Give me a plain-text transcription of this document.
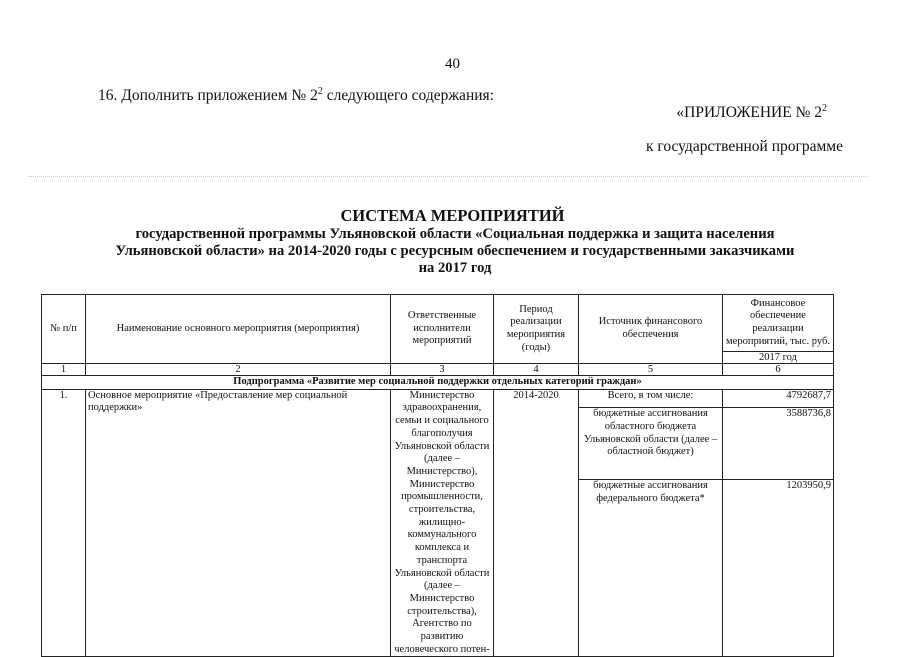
40
16. Дополнить приложением № $2^2$ следующего содержания:
«ПРИЛОЖЕНИЕ № $2^2$
к государственной программе
СИСТЕМА МЕРОПРИЯТИЙ
государственной программы Ульяновской области «Социальная поддержка и защита населения
Ульяновской области» на 2014-2020 годы с ресурсным обеспечением и государственными заказчиками
на 2017 год
№ п/п	Наименование основного мероприятия (мероприятия)	Ответственные исполнители мероприятий	Период реализации мероприятия (годы)	Источник финансового обеспечения	Финансовое обеспечение реализации мероприятий, тыс. руб.
					2017 год
1	2	3	4	5	6
Подпрограмма «Развитие мер социальной поддержки отдельных категорий граждан»					
1.	Основное мероприятие «Предоставление мер социальной поддержки»	Министерство здравоохранения, семьи и социального благополучия Ульяновской области (далее – Министерство), Министерство промышленности, строительства, жилищно-коммунального комплекса и транспорта Ульяновской области (далее – Министерство строительства), Агентство по развитию человеческого потен-	2014-2020	Всего, в том числе:	4792687,7
				бюджетные ассигнования областного бюджета Ульяновской области (далее – областной бюджет)	3588736,8
				бюджетные ассигнования федерального бюджета*	1203950,9
